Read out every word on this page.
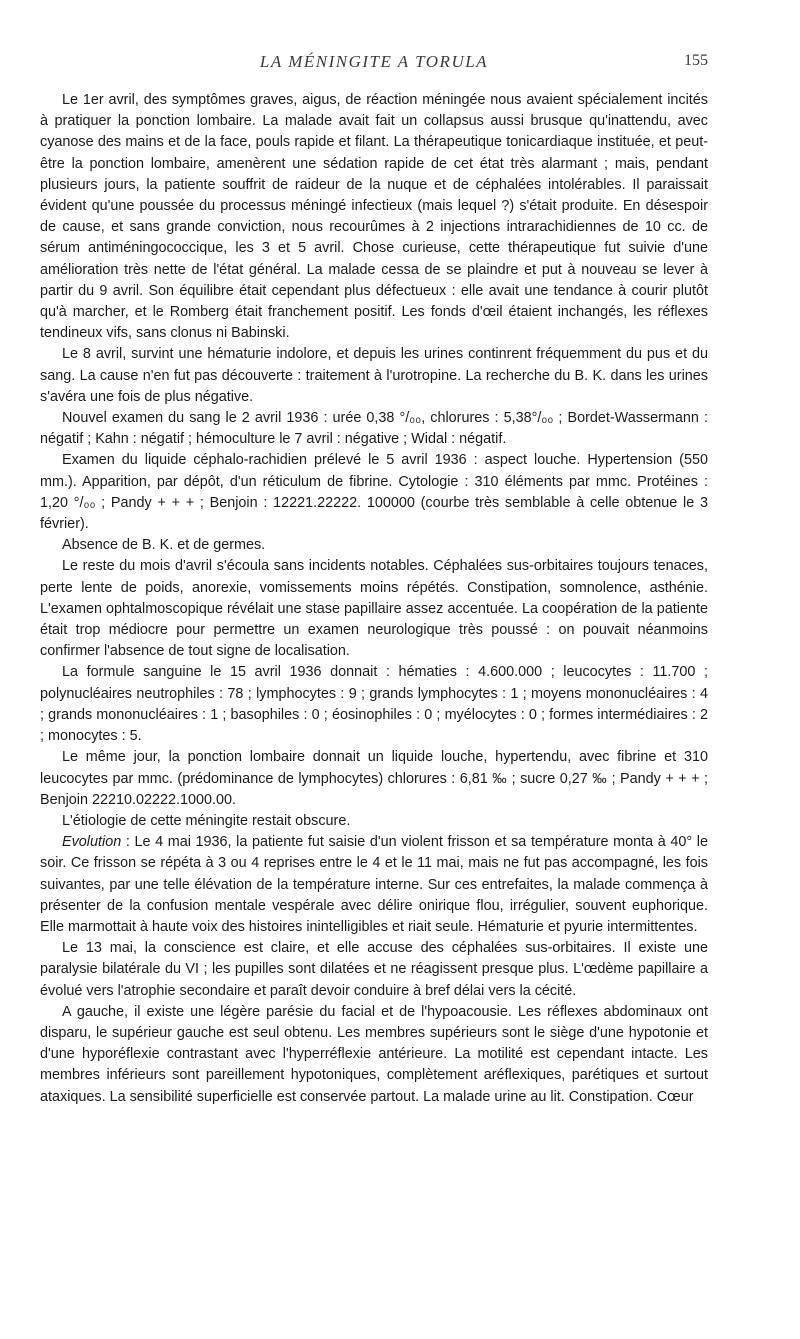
LA MÉNINGITE A TORULA	155

Le 1er avril, des symptômes graves, aigus, de réaction méningée nous avaient spécialement incités à pratiquer la ponction lombaire. La malade avait fait un collapsus aussi brusque qu'inattendu, avec cyanose des mains et de la face, pouls rapide et filant. La thérapeutique tonicardiaque instituée, et peut-être la ponction lombaire, amenèrent une sédation rapide de cet état très alarmant ; mais, pendant plusieurs jours, la patiente souffrit de raideur de la nuque et de céphalées intolérables. Il paraissait évident qu'une poussée du processus méningé infectieux (mais lequel ?) s'était produite. En désespoir de cause, et sans grande conviction, nous recourûmes à 2 injections intrarachidiennes de 10 cc. de sérum antiméningococcique, les 3 et 5 avril. Chose curieuse, cette thérapeutique fut suivie d'une amélioration très nette de l'état général. La malade cessa de se plaindre et put à nouveau se lever à partir du 9 avril. Son équilibre était cependant plus défectueux : elle avait une tendance à courir plutôt qu'à marcher, et le Romberg était franchement positif. Les fonds d'œil étaient inchangés, les réflexes tendineux vifs, sans clonus ni Babinski.

Le 8 avril, survint une hématurie indolore, et depuis les urines continrent fréquemment du pus et du sang. La cause n'en fut pas découverte : traitement à l'urotropine. La recherche du B. K. dans les urines s'avéra une fois de plus négative.

Nouvel examen du sang le 2 avril 1936 : urée 0,38 °/₀₀, chlorures : 5,38°/₀₀ ; Bordet-Wassermann : négatif ; Kahn : négatif ; hémoculture le 7 avril : négative ; Widal : négatif.

Examen du liquide céphalo-rachidien prélevé le 5 avril 1936 : aspect louche. Hypertension (550 mm.). Apparition, par dépôt, d'un réticulum de fibrine. Cytologie : 310 éléments par mmc. Protéines : 1,20 °/₀₀ ; Pandy + + + ; Benjoin : 12221.22222. 100000 (courbe très semblable à celle obtenue le 3 février).

Absence de B. K. et de germes.

Le reste du mois d'avril s'écoula sans incidents notables. Céphalées sus-orbitaires toujours tenaces, perte lente de poids, anorexie, vomissements moins répétés. Constipation, somnolence, asthénie. L'examen ophtalmoscopique révélait une stase papillaire assez accentuée. La coopération de la patiente était trop médiocre pour permettre un examen neurologique très poussé : on pouvait néanmoins confirmer l'absence de tout signe de localisation.

La formule sanguine le 15 avril 1936 donnait : hématies : 4.600.000 ; leucocytes : 11.700 ; polynucléaires neutrophiles : 78 ; lymphocytes : 9 ; grands lymphocytes : 1 ; moyens mononucléaires : 4 ; grands mononucléaires : 1 ; basophiles : 0 ; éosinophiles : 0 ; myélocytes : 0 ; formes intermédiaires : 2 ; monocytes : 5.

Le même jour, la ponction lombaire donnait un liquide louche, hypertendu, avec fibrine et 310 leucocytes par mmc. (prédominance de lymphocytes) chlorures : 6,81 ‰ ; sucre 0,27 ‰ ; Pandy + + + ; Benjoin 22210.02222.1000.00.

L'étiologie de cette méningite restait obscure.

Evolution : Le 4 mai 1936, la patiente fut saisie d'un violent frisson et sa température monta à 40° le soir. Ce frisson se répéta à 3 ou 4 reprises entre le 4 et le 11 mai, mais ne fut pas accompagné, les fois suivantes, par une telle élévation de la température interne. Sur ces entrefaites, la malade commença à présenter de la confusion mentale vespérale avec délire onirique flou, irrégulier, souvent euphorique. Elle marmottait à haute voix des histoires inintelligibles et riait seule. Hématurie et pyurie intermittentes.

Le 13 mai, la conscience est claire, et elle accuse des céphalées sus-orbitaires. Il existe une paralysie bilatérale du VI ; les pupilles sont dilatées et ne réagissent presque plus. L'œdème papillaire a évolué vers l'atrophie secondaire et paraît devoir conduire à bref délai vers la cécité.

A gauche, il existe une légère parésie du facial et de l'hypoacousie. Les réflexes abdominaux ont disparu, le supérieur gauche est seul obtenu. Les membres supérieurs sont le siège d'une hypotonie et d'une hyporéflexie contrastant avec l'hyperréflexie antérieure. La motilité est cependant intacte. Les membres inférieurs sont pareillement hypotoniques, complètement aréflexiques, parétiques et surtout ataxiques. La sensibilité superficielle est conservée partout. La malade urine au lit. Constipation. Cœur
